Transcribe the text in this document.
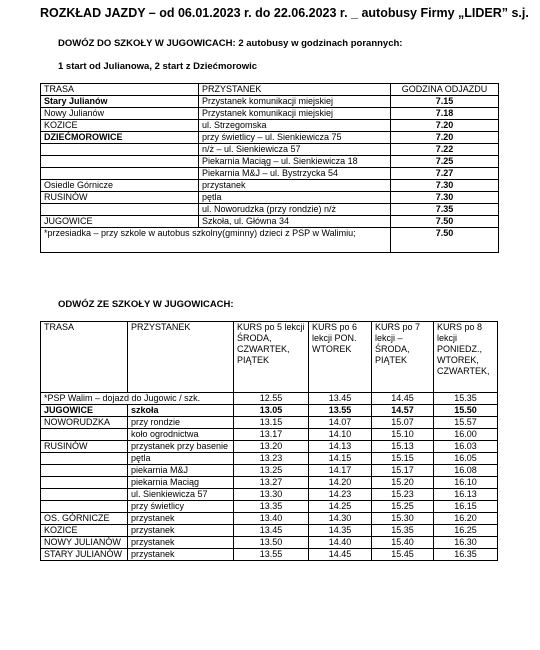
ROZKŁAD JAZDY – od 06.01.2023 r. do 22.06.2023 r. _ autobusy Firmy „LIDER” s.j.
DOWÓZ DO SZKOŁY W JUGOWICACH: 2 autobusy w godzinach porannych:
1 start od Julianowa, 2 start z Dziećmorowic
TRASA	PRZYSTANEK	GODZINA ODJAZDU
Stary Julianów	Przystanek komunikacji miejskiej	7.15
Nowy Julianów	Przystanek komunikacji miejskiej	7.18
KOZICE	ul. Strzegomska	7.20
DZIEĆMOROWICE	przy świetlicy – ul. Sienkiewicza 75	7.20
	n/ż – ul. Sienkiewicza 57	7.22
	Piekarnia Maciąg – ul. Sienkiewicza 18	7.25
	Piekarnia M&J – ul. Bystrzycka 54	7.27
Osiedle Górnicze	przystanek	7.30
RUSINÓW	pętla	7.30
	ul. Noworudzka (przy rondzie) n/ż	7.35
JUGOWICE	Szkoła, ul. Główna 34	7.50
*przesiadka – przy szkole w autobus szkolny(gminny) dzieci z PSP w Walimiu;		7.50
ODWÓZ ZE SZKOŁY W JUGOWICACH:
TRASA	PRZYSTANEK	KURS po 5 lekcji ŚRODA, CZWARTEK, PIĄTEK	KURS po 6 lekcji PON. WTOREK	KURS po 7 lekcji – ŚRODA, PIĄTEK	KURS po 8 lekcji PONIEDZ., WTOREK, CZWARTEK,
*PSP Walim – dojazd do Jugowic / szk.		12.55	13.45	14.45	15.35
JUGOWICE	szkoła	13.05	13.55	14.57	15.50
NOWORUDZKA	przy rondzie	13.15	14.07	15.07	15.57
	koło ogrodnictwa	13.17	14.10	15.10	16.00
RUSINÓW	przystanek przy basenie	13.20	14.13	15.13	16.03
	pętla	13.23	14.15	15.15	16.05
	piekarnia M&J	13.25	14.17	15.17	16.08
	piekarnia Maciąg	13.27	14.20	15.20	16.10
	ul. Sienkiewicza 57	13.30	14.23	15.23	16.13
	przy świetlicy	13.35	14.25	15.25	16.15
OS. GÓRNICZE	przystanek	13.40	14.30	15.30	16.20
KOZICE	przystanek	13.45	14.35	15.35	16.25
NOWY JULIANÓW	przystanek	13.50	14.40	15.40	16.30
STARY JULIANÓW	przystanek	13.55	14.45	15.45	16.35
